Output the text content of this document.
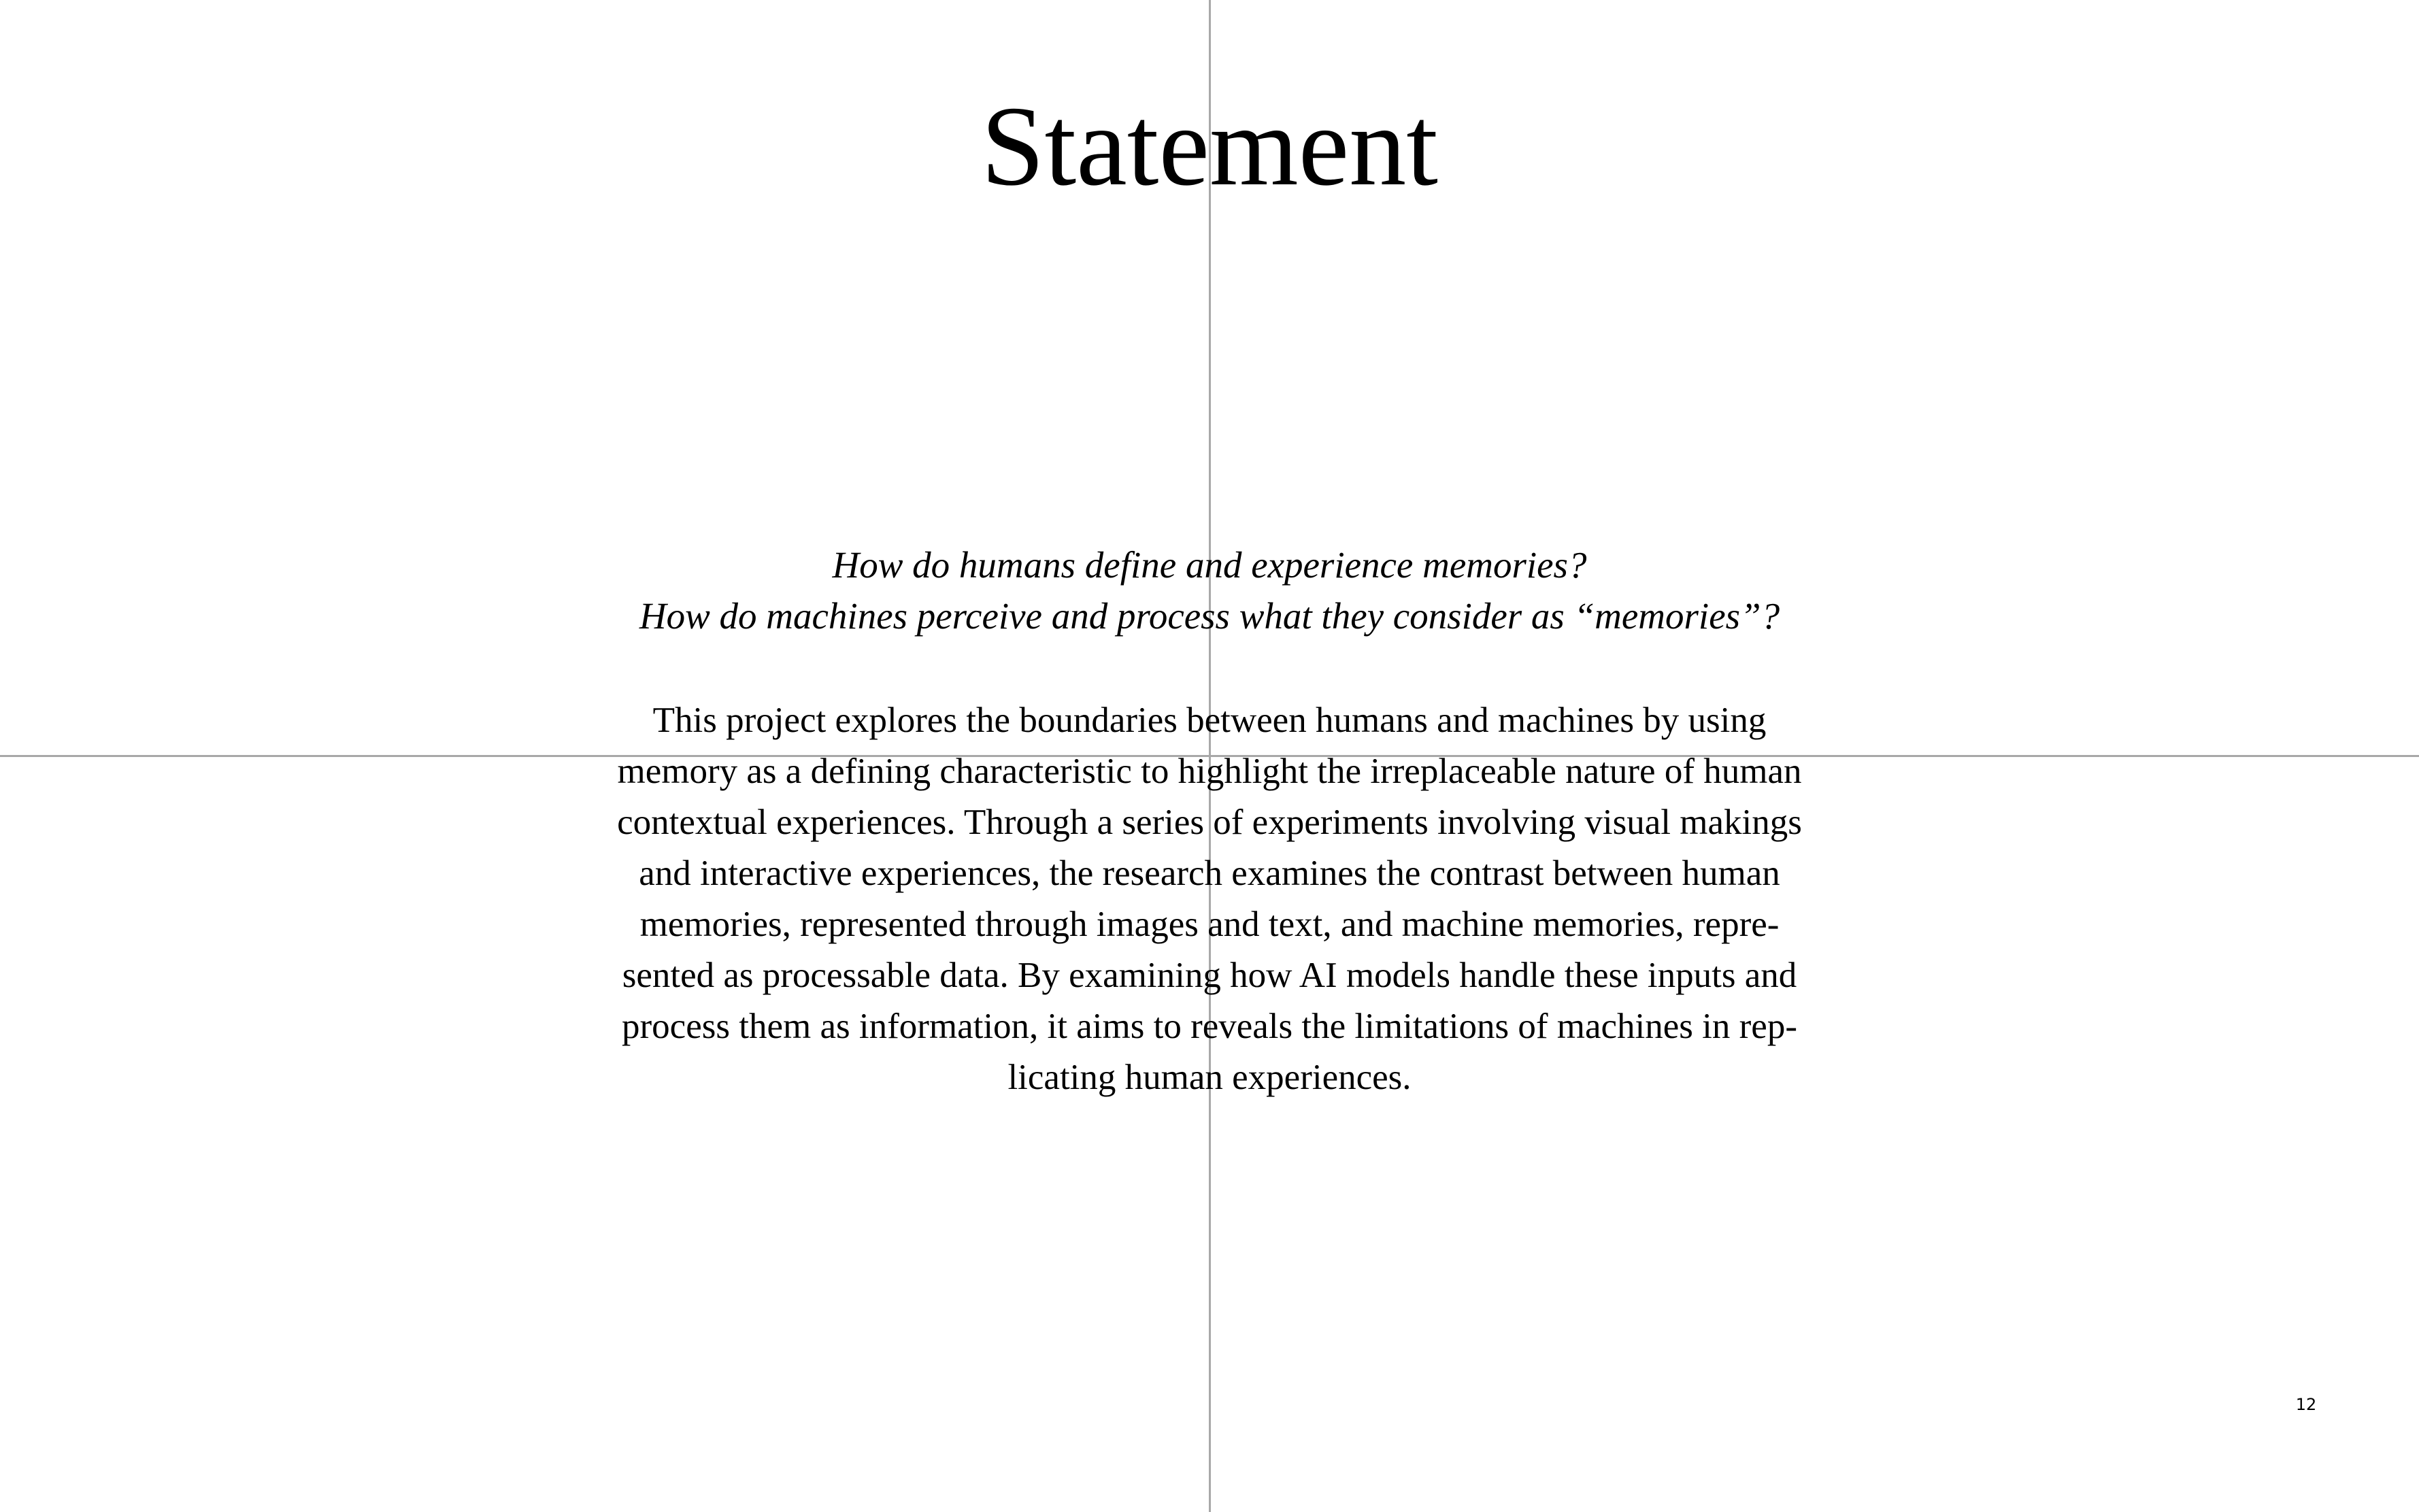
Statement
How do humans define and experience memories?
How do machines perceive and process what they consider as “memories”?
This project explores the boundaries between humans and machines by using
memory as a defining characteristic to highlight the irreplaceable nature of human
contextual experiences. Through a series of experiments involving visual makings
and interactive experiences, the research examines the contrast between human
memories, represented through images and text, and machine memories, repre-
sented as processable data. By examining how AI models handle these inputs and
process them as information, it aims to reveals the limitations of machines in rep-
licating human experiences.
12
